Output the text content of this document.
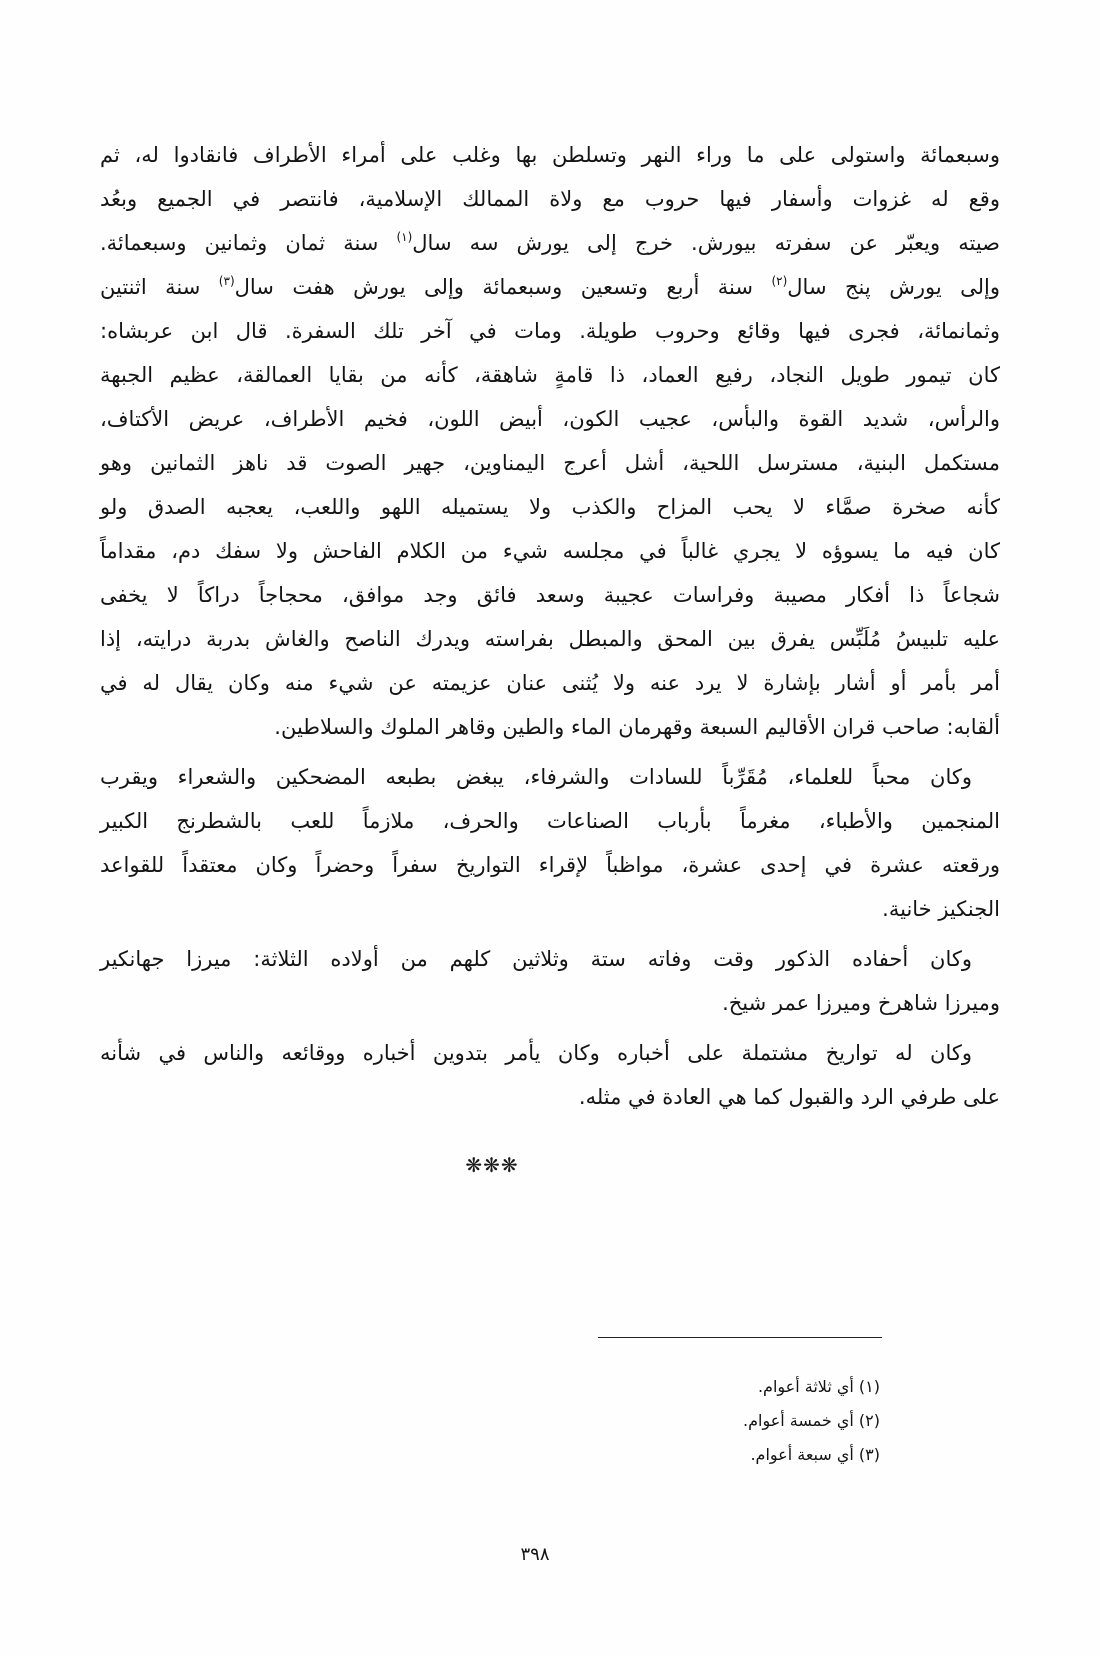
وسبعمائة واستولى على ما وراء النهر وتسلطن بها وغلب على أمراء الأطراف فانقادوا له، ثم
وقع له غزوات وأسفار فيها حروب مع ولاة الممالك الإسلامية، فانتصر في الجميع وبعُد
صيته ويعبّر عن سفرته بيورش. خرج إلى يورش سه سال$^{(١)}$ سنة ثمان وثمانين وسبعمائة.
وإلى يورش پنج سال$^{(٢)}$ سنة أربع وتسعين وسبعمائة وإلى يورش هفت سال$^{(٣)}$ سنة اثنتين
وثمانمائة، فجرى فيها وقائع وحروب طويلة. ومات في آخر تلك السفرة. قال ابن عربشاه:
كان تيمور طويل النجاد، رفيع العماد، ذا قامةٍ شاهقة، كأنه من بقايا العمالقة، عظيم الجبهة
والرأس، شديد القوة والبأس، عجيب الكون، أبيض اللون، فخيم الأطراف، عريض الأكتاف،
مستكمل البنية، مسترسل اللحية، أشل أعرج اليمناوين، جهير الصوت قد ناهز الثمانين وهو
كأنه صخرة صمَّاء لا يحب المزاح والكذب ولا يستميله اللهو واللعب، يعجبه الصدق ولو
كان فيه ما يسوؤه لا يجري غالباً في مجلسه شيء من الكلام الفاحش ولا سفك دم، مقداماً
شجاعاً ذا أفكار مصيبة وفراسات عجيبة وسعد فائق وجد موافق، محجاجاً دراكاً لا يخفى
عليه تلبيسُ مُلَبِّس يفرق بين المحق والمبطل بفراسته ويدرك الناصح والغاش بدربة درايته، إذا
أمر بأمر أو أشار بإشارة لا يرد عنه ولا يُثنى عنان عزيمته عن شيء منه وكان يقال له في
ألقابه: صاحب قران الأقاليم السبعة وقهرمان الماء والطين وقاهر الملوك والسلاطين.
وكان محباً للعلماء، مُقَرِّباً للسادات والشرفاء، يبغض بطبعه المضحكين والشعراء ويقرب
المنجمين والأطباء، مغرماً بأرباب الصناعات والحرف، ملازماً للعب بالشطرنج الكبير
ورقعته عشرة في إحدى عشرة، مواظباً لإقراء التواريخ سفراً وحضراً وكان معتقداً للقواعد
الجنكيز خانية.
وكان أحفاده الذكور وقت وفاته ستة وثلاثين كلهم من أولاده الثلاثة: ميرزا جهانكير
وميرزا شاهرخ وميرزا عمر شيخ.
وكان له تواريخ مشتملة على أخباره وكان يأمر بتدوين أخباره ووقائعه والناس في شأنه
على طرفي الرد والقبول كما هي العادة في مثله.
❋❋❋
(١) أي ثلاثة أعوام.
(٢) أي خمسة أعوام.
(٣) أي سبعة أعوام.
٣٩٨
